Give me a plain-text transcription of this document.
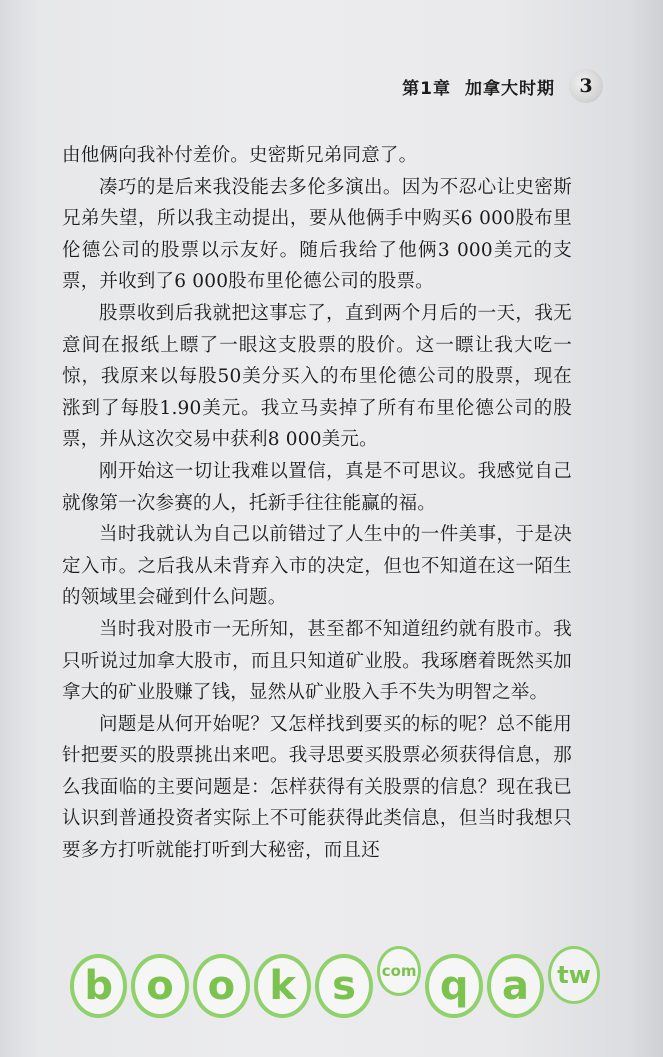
第1章 加拿大时期	3

由他俩向我补付差价。史密斯兄弟同意了。

凑巧的是后来我没能去多伦多演出。因为不忍心让史密斯兄弟失望，所以我主动提出，要从他俩手中购买6 000股布里伦德公司的股票以示友好。随后我给了他俩3 000美元的支票，并收到了6 000股布里伦德公司的股票。

股票收到后我就把这事忘了，直到两个月后的一天，我无意间在报纸上瞟了一眼这支股票的股价。这一瞟让我大吃一惊，我原来以每股50美分买入的布里伦德公司的股票，现在涨到了每股1.90美元。我立马卖掉了所有布里伦德公司的股票，并从这次交易中获利8 000美元。

刚开始这一切让我难以置信，真是不可思议。我感觉自己就像第一次参赛的人，托新手往往能赢的福。

当时我就认为自己以前错过了人生中的一件美事，于是决定入市。之后我从未背弃入市的决定，但也不知道在这一陌生的领域里会碰到什么问题。

当时我对股市一无所知，甚至都不知道纽约就有股市。我只听说过加拿大股市，而且只知道矿业股。我琢磨着既然买加拿大的矿业股赚了钱，显然从矿业股入手不失为明智之举。

问题是从何开始呢？又怎样找到要买的标的呢？总不能用针把要买的股票挑出来吧。我寻思要买股票必须获得信息，那么我面临的主要问题是：怎样获得有关股票的信息？现在我已认识到普通投资者实际上不可能获得此类信息，但当时我想只要多方打听就能打听到大秘密，而且还

b o o k s	com q a	tw
